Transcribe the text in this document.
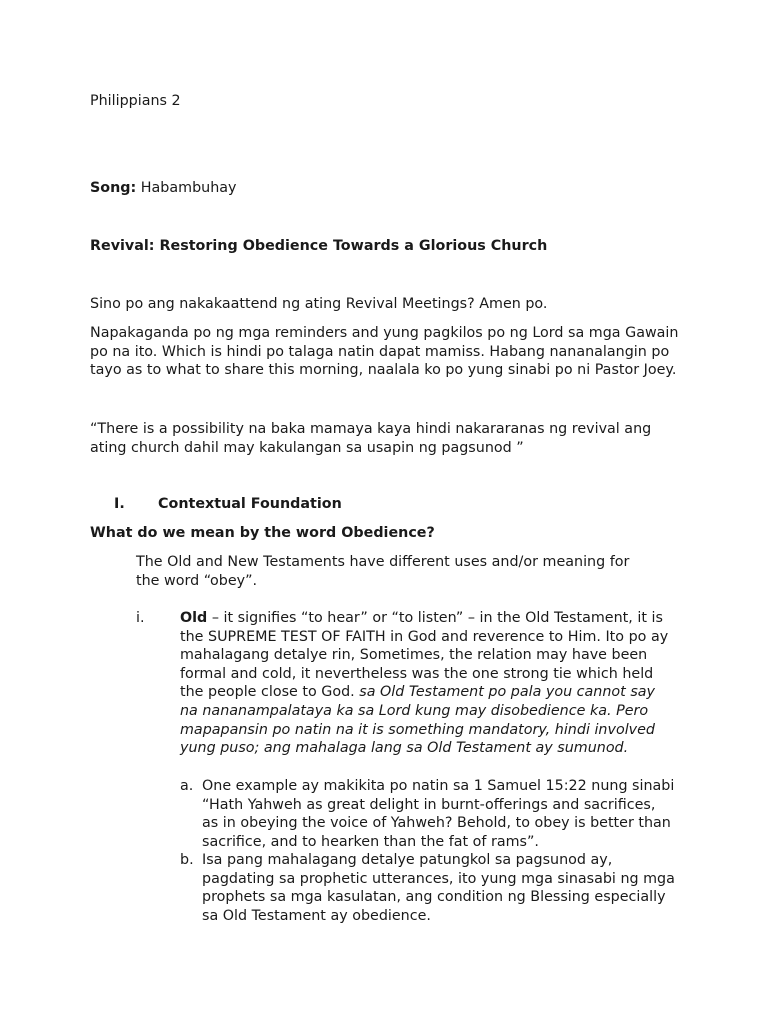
Philippians 2

Song: Habambuhay

Revival: Restoring Obedience Towards a Glorious Church

Sino po ang nakakaattend ng ating Revival Meetings? Amen po.

Napakaganda po ng mga reminders and yung pagkilos po ng Lord sa mga Gawain po na ito. Which is hindi po talaga natin dapat mamiss. Habang nananalangin po tayo as to what to share this morning, naalala ko po yung sinabi po ni Pastor Joey.

“There is a possibility na baka mamaya kaya hindi nakararanas ng revival ang ating church dahil may kakulangan sa usapin ng pagsunod ”

I.	Contextual Foundation

What do we mean by the word Obedience?

The Old and New Testaments have different uses and/or meaning for the word “obey”.

i.	Old – it signifies “to hear” or “to listen” – in the Old Testament, it is the SUPREME TEST OF FAITH in God and reverence to Him. Ito po ay mahalagang detalye rin, Sometimes, the relation may have been formal and cold, it nevertheless was the one strong tie which held the people close to God. sa Old Testament po pala you cannot say na nananampalataya ka sa Lord kung may disobedience ka. Pero mapapansin po natin na it is something mandatory, hindi involved yung puso; ang mahalaga lang sa Old Testament ay sumunod.

a. One example ay makikita po natin sa 1 Samuel 15:22 nung sinabi “Hath Yahweh as great delight in burnt-offerings and sacrifices, as in obeying the voice of Yahweh? Behold, to obey is better than sacrifice, and to hearken than the fat of rams”.

b. Isa pang mahalagang detalye patungkol sa pagsunod ay, pagdating sa prophetic utterances, ito yung mga sinasabi ng mga prophets sa mga kasulatan, ang condition ng Blessing especially sa Old Testament ay obedience.
